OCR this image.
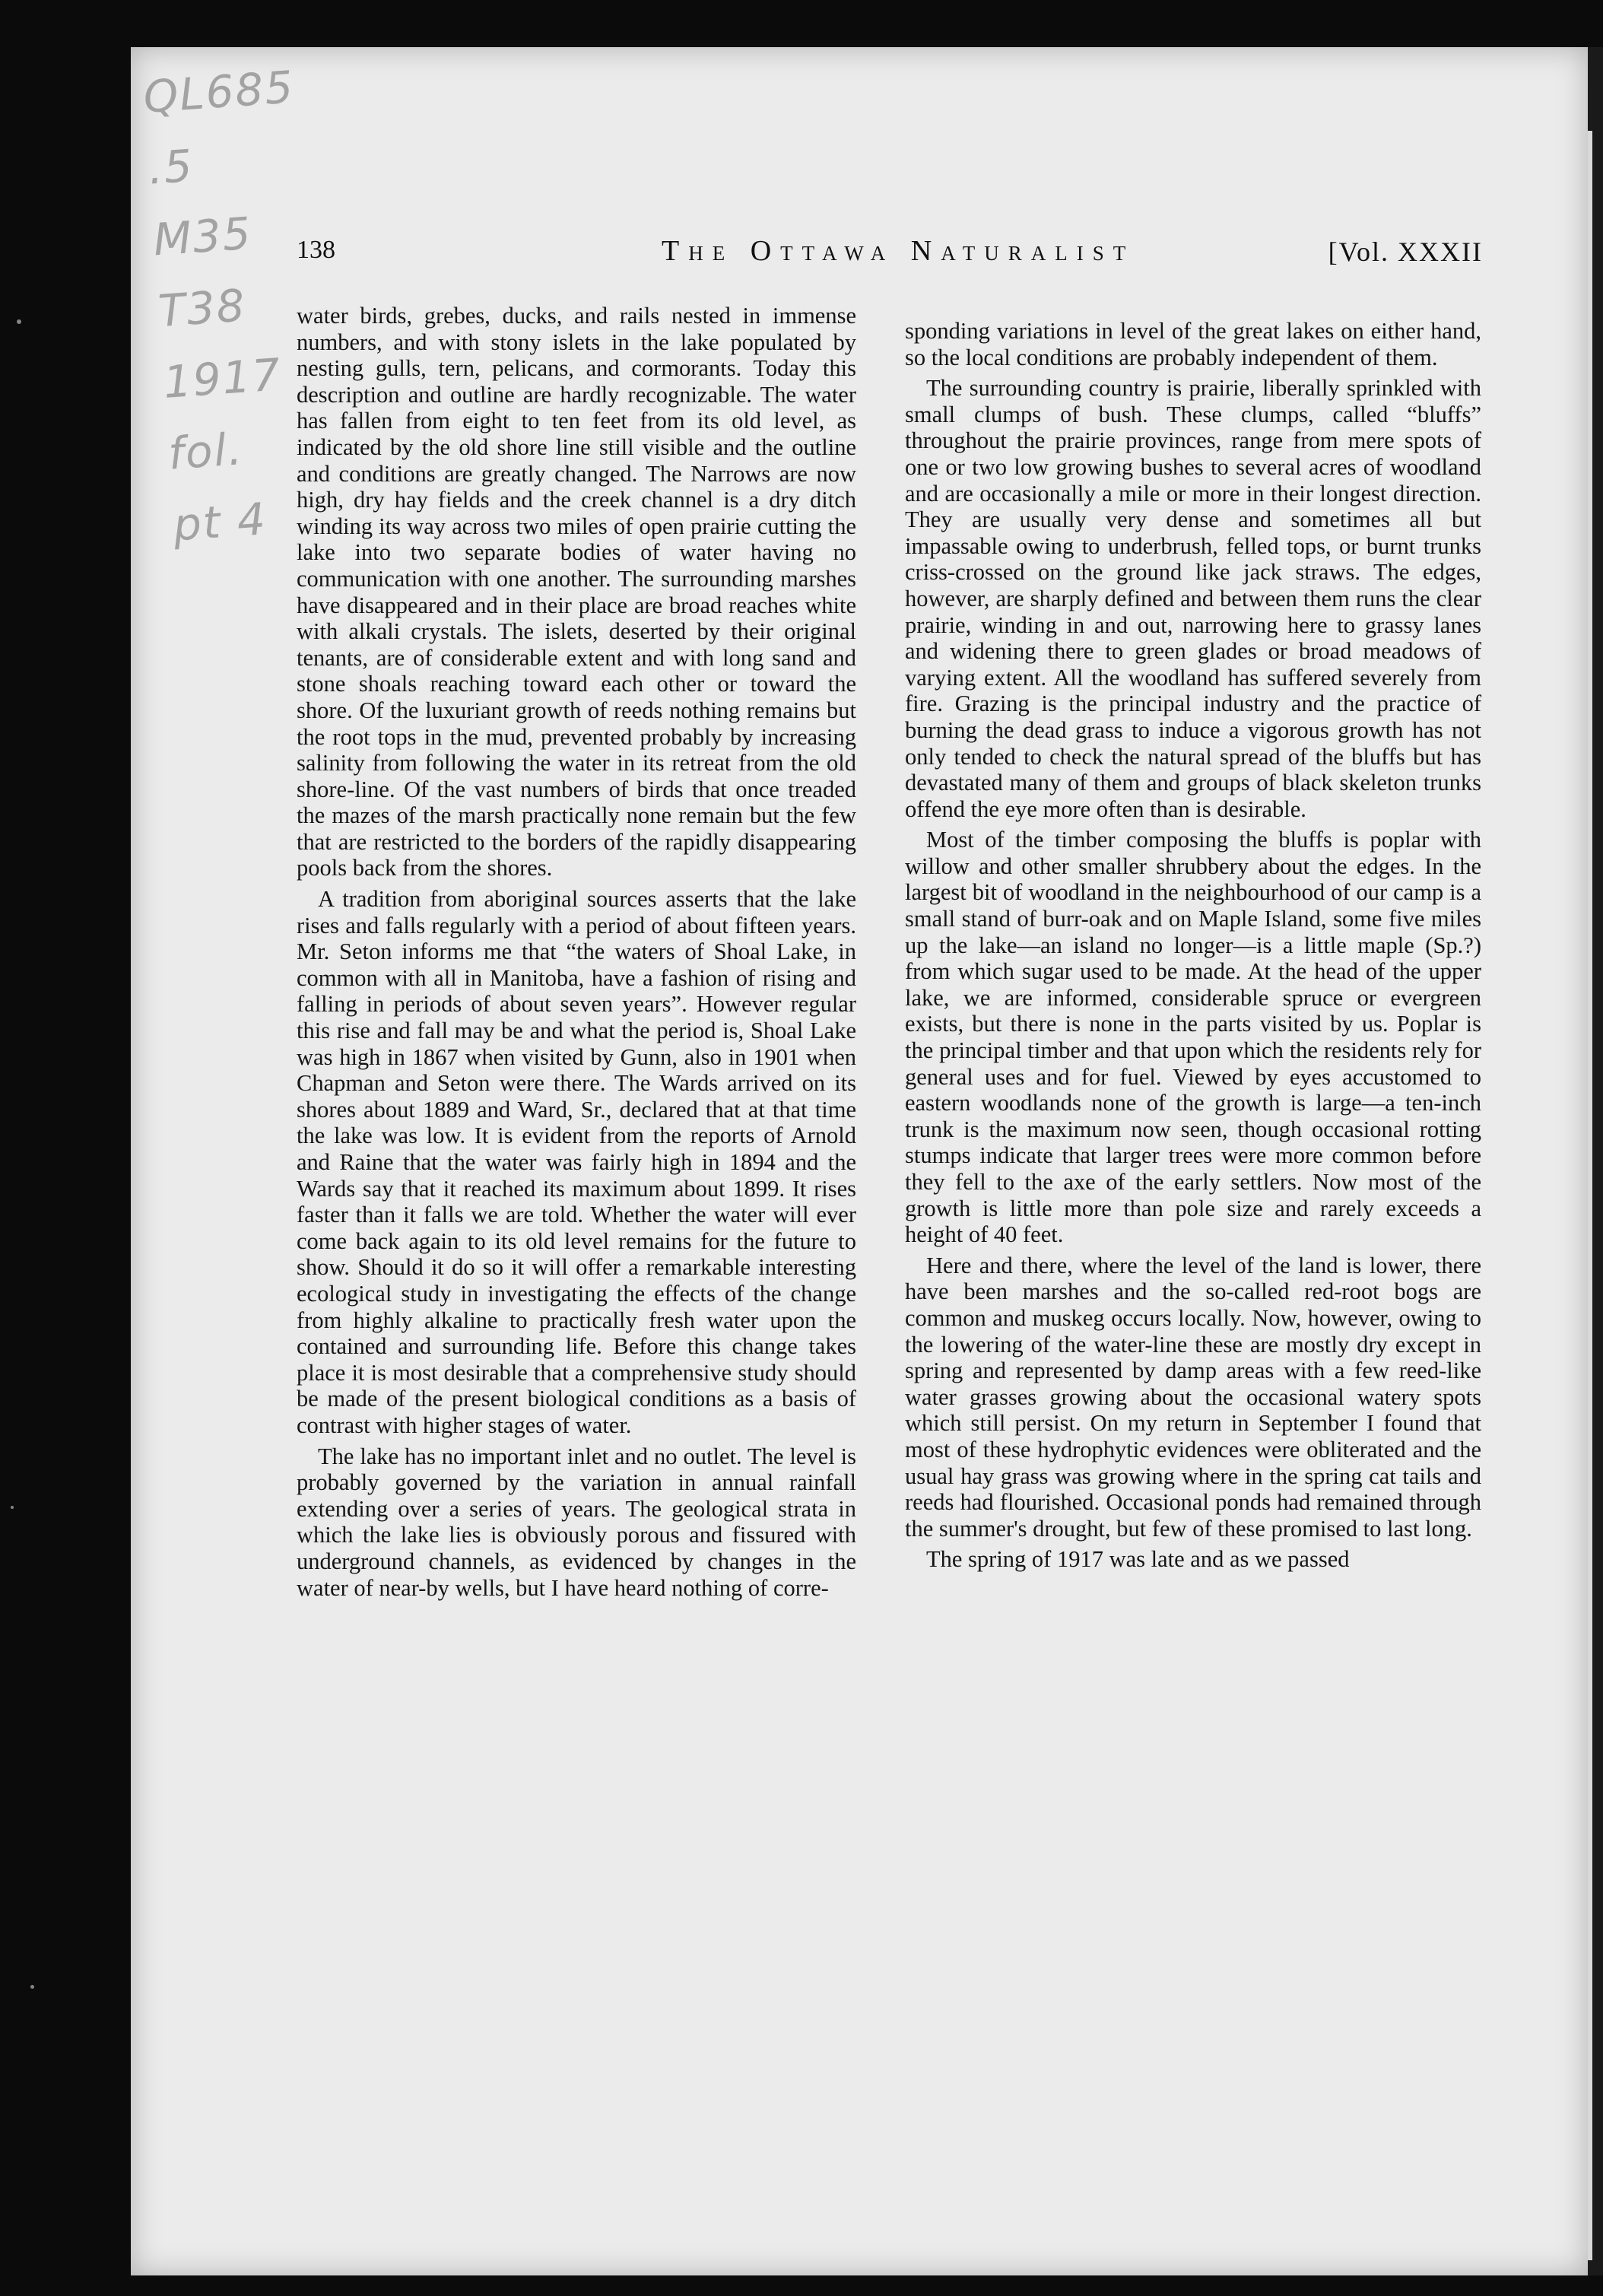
QL685
.5
M35
T38
1917
fol.
pt 4
138	The Ottawa Naturalist	[Vol. XXXII

water birds, grebes, ducks, and rails nested in immense numbers, and with stony islets in the lake populated by nesting gulls, tern, pelicans, and cormorants. Today this description and outline are hardly recognizable. The water has fallen from eight to ten feet from its old level, as indicated by the old shore line still visible and the outline and conditions are greatly changed. The Narrows are now high, dry hay fields and the creek channel is a dry ditch winding its way across two miles of open prairie cutting the lake into two separate bodies of water having no communication with one another. The surrounding marshes have disappeared and in their place are broad reaches white with alkali crystals. The islets, deserted by their original tenants, are of considerable extent and with long sand and stone shoals reaching toward each other or toward the shore. Of the luxuriant growth of reeds nothing remains but the root tops in the mud, prevented probably by increasing salinity from following the water in its retreat from the old shore-line. Of the vast numbers of birds that once treaded the mazes of the marsh practically none remain but the few that are restricted to the borders of the rapidly disappearing pools back from the shores.

A tradition from aboriginal sources asserts that the lake rises and falls regularly with a period of about fifteen years. Mr. Seton informs me that “the waters of Shoal Lake, in common with all in Manitoba, have a fashion of rising and falling in periods of about seven years”. However regular this rise and fall may be and what the period is, Shoal Lake was high in 1867 when visited by Gunn, also in 1901 when Chapman and Seton were there. The Wards arrived on its shores about 1889 and Ward, Sr., declared that at that time the lake was low. It is evident from the reports of Arnold and Raine that the water was fairly high in 1894 and the Wards say that it reached its maximum about 1899. It rises faster than it falls we are told. Whether the water will ever come back again to its old level remains for the future to show. Should it do so it will offer a remarkable interesting ecological study in investigating the effects of the change from highly alkaline to practically fresh water upon the contained and surrounding life. Before this change takes place it is most desirable that a comprehensive study should be made of the present biological conditions as a basis of contrast with higher stages of water.

The lake has no important inlet and no outlet. The level is probably governed by the variation in annual rainfall extending over a series of years. The geological strata in which the lake lies is obviously porous and fissured with underground channels, as evidenced by changes in the water of near-by wells, but I have heard nothing of corre-

sponding variations in level of the great lakes on either hand, so the local conditions are probably independent of them.

The surrounding country is prairie, liberally sprinkled with small clumps of bush. These clumps, called “bluffs” throughout the prairie provinces, range from mere spots of one or two low growing bushes to several acres of woodland and are occasionally a mile or more in their longest direction. They are usually very dense and sometimes all but impassable owing to underbrush, felled tops, or burnt trunks criss-crossed on the ground like jack straws. The edges, however, are sharply defined and between them runs the clear prairie, winding in and out, narrowing here to grassy lanes and widening there to green glades or broad meadows of varying extent. All the woodland has suffered severely from fire. Grazing is the principal industry and the practice of burning the dead grass to induce a vigorous growth has not only tended to check the natural spread of the bluffs but has devastated many of them and groups of black skeleton trunks offend the eye more often than is desirable.

Most of the timber composing the bluffs is poplar with willow and other smaller shrubbery about the edges. In the largest bit of woodland in the neighbourhood of our camp is a small stand of burr-oak and on Maple Island, some five miles up the lake—an island no longer—is a little maple (Sp.?) from which sugar used to be made. At the head of the upper lake, we are informed, considerable spruce or evergreen exists, but there is none in the parts visited by us. Poplar is the principal timber and that upon which the residents rely for general uses and for fuel. Viewed by eyes accustomed to eastern woodlands none of the growth is large—a ten-inch trunk is the maximum now seen, though occasional rotting stumps indicate that larger trees were more common before they fell to the axe of the early settlers. Now most of the growth is little more than pole size and rarely exceeds a height of 40 feet.

Here and there, where the level of the land is lower, there have been marshes and the so-called red-root bogs are common and muskeg occurs locally. Now, however, owing to the lowering of the water-line these are mostly dry except in spring and represented by damp areas with a few reed-like water grasses growing about the occasional watery spots which still persist. On my return in September I found that most of these hydrophytic evidences were obliterated and the usual hay grass was growing where in the spring cat tails and reeds had flourished. Occasional ponds had remained through the summer's drought, but few of these promised to last long.

The spring of 1917 was late and as we passed
